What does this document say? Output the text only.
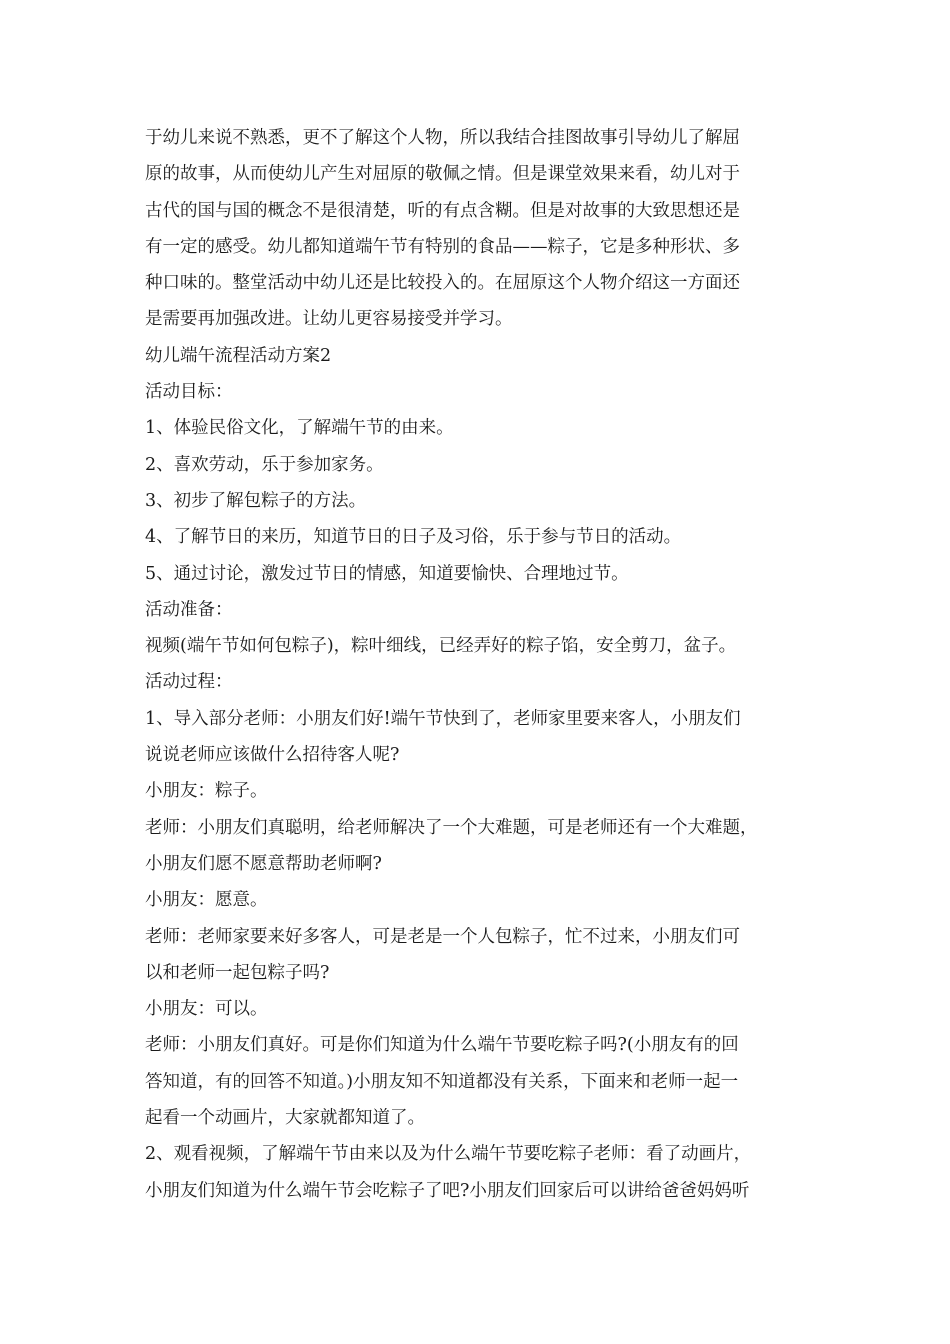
于幼儿来说不熟悉，更不了解这个人物，所以我结合挂图故事引导幼儿了解屈
原的故事，从而使幼儿产生对屈原的敬佩之情。但是课堂效果来看，幼儿对于
古代的国与国的概念不是很清楚，听的有点含糊。但是对故事的大致思想还是
有一定的感受。幼儿都知道端午节有特别的食品——粽子，它是多种形状、多
种口味的。整堂活动中幼儿还是比较投入的。在屈原这个人物介绍这一方面还
是需要再加强改进。让幼儿更容易接受并学习。
幼儿端午流程活动方案2
活动目标：
1、体验民俗文化，了解端午节的由来。
2、喜欢劳动，乐于参加家务。
3、初步了解包粽子的方法。
4、了解节日的来历，知道节日的日子及习俗，乐于参与节日的活动。
5、通过讨论，激发过节日的情感，知道要愉快、合理地过节。
活动准备：
视频(端午节如何包粽子)，粽叶细线，已经弄好的粽子馅，安全剪刀，盆子。
活动过程：
1、导入部分老师：小朋友们好!端午节快到了，老师家里要来客人，小朋友们
说说老师应该做什么招待客人呢?
小朋友：粽子。
老师：小朋友们真聪明，给老师解决了一个大难题，可是老师还有一个大难题，
小朋友们愿不愿意帮助老师啊?
小朋友：愿意。
老师：老师家要来好多客人，可是老是一个人包粽子，忙不过来，小朋友们可
以和老师一起包粽子吗?
小朋友：可以。
老师：小朋友们真好。可是你们知道为什么端午节要吃粽子吗?(小朋友有的回
答知道，有的回答不知道。)小朋友知不知道都没有关系，下面来和老师一起一
起看一个动画片，大家就都知道了。
2、观看视频，了解端午节由来以及为什么端午节要吃粽子老师：看了动画片，
小朋友们知道为什么端午节会吃粽子了吧?小朋友们回家后可以讲给爸爸妈妈听
